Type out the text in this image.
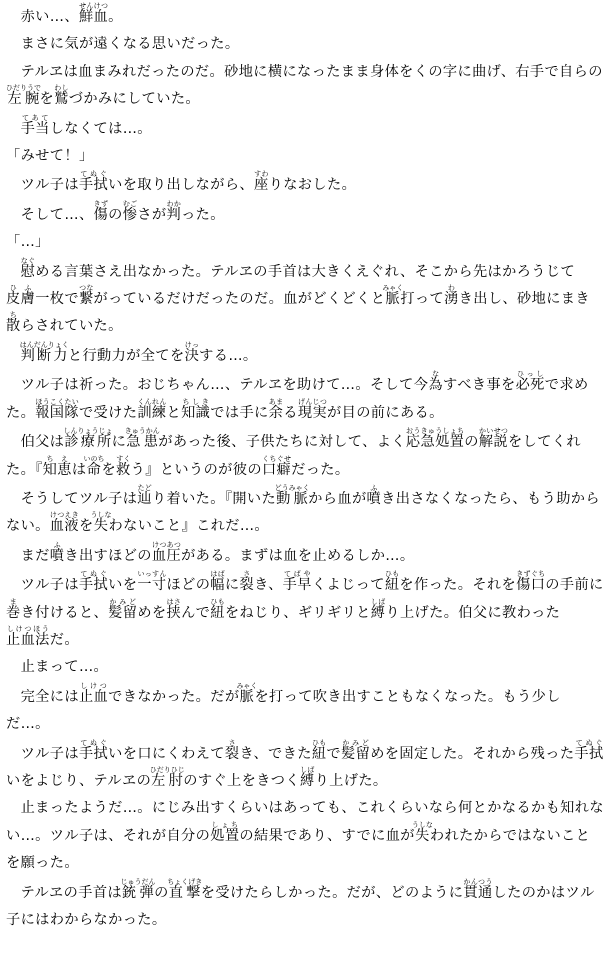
　赤い…、鮮血せんけつ。

　まさに気が遠くなる思いだった。

　テルヱは血まみれだったのだ。砂地に横になったまま身体をくの字に曲げ、右手で自らの左腕ひだりうでを鷲わしづかみにしていた。

　手当てあてしなくては…。

「みせて！」

　ツル子は手拭てぬぐいを取り出しながら、座すわりなおした。

　そして…、傷きずの惨むごさが判わかった。

「…」

　慰なぐめる言葉さえ出なかった。テルヱの手首は大きくえぐれ、そこから先はかろうじて皮膚ひふ一枚で繋つながっているだけだったのだ。血がどくどくと脈みゃく打って湧わき出し、砂地にまき散ちらされていた。

　判断力はんだんりょくと行動力が全てを決けっする…。

　ツル子は祈った。おじちゃん…、テルヱを助けて…。そして今為なすべき事を必死ひっしで求めた。報国隊ほうこくたいで受けた訓練くんれんと知識ちしきでは手に余あまる現実げんじつが目の前にある。

　伯父は診療所しんりょうじょに急患きゅうかんがあった後、子供たちに対して、よく応急処置おうきゅうしょちの解説かいせつをしてくれた。『知恵ちえは命いのちを救すくう』というのが彼の口癖くちぐせだった。

　そうしてツル子は辿たどり着いた。『開いた動脈どうみゃくから血が噴ふき出さなくなったら、もう助からない。血液けつえきを失うしなわないこと』これだ…。

　まだ噴ふき出すほどの血圧けつあつがある。まずは血を止めるしか…。

　ツル子は手拭てぬぐいを一寸いっすんほどの幅はばに裂さき、手早てばやくよじって紐ひもを作った。それを傷口きずぐちの手前に巻まき付けると、髪留かみどめを挟はさんで紐ひもをねじり、ギリギリと縛しばり上げた。伯父に教わった止血法しけつほうだ。

　止まって…。

　完全には止血しけつできなかった。だが脈みゃくを打って吹き出すこともなくなった。もう少しだ…。

　ツル子は手拭てぬぐいを口にくわえて裂さき、できた紐ひもで髪留かみどめを固定した。それから残った手拭てぬぐいをよじり、テルヱの左肘ひだりひじのすぐ上をきつく縛しばり上げた。

　止まったようだ…。にじみ出すくらいはあっても、これくらいなら何とかなるかも知れない…。ツル子は、それが自分の処置しょちの結果であり、すでに血が失うしなわれたからではないことを願った。

　テルヱの手首は銃弾じゅうだんの直撃ちょくげきを受けたらしかった。だが、どのように貫通かんつうしたのかはツル子にはわからなかった。
